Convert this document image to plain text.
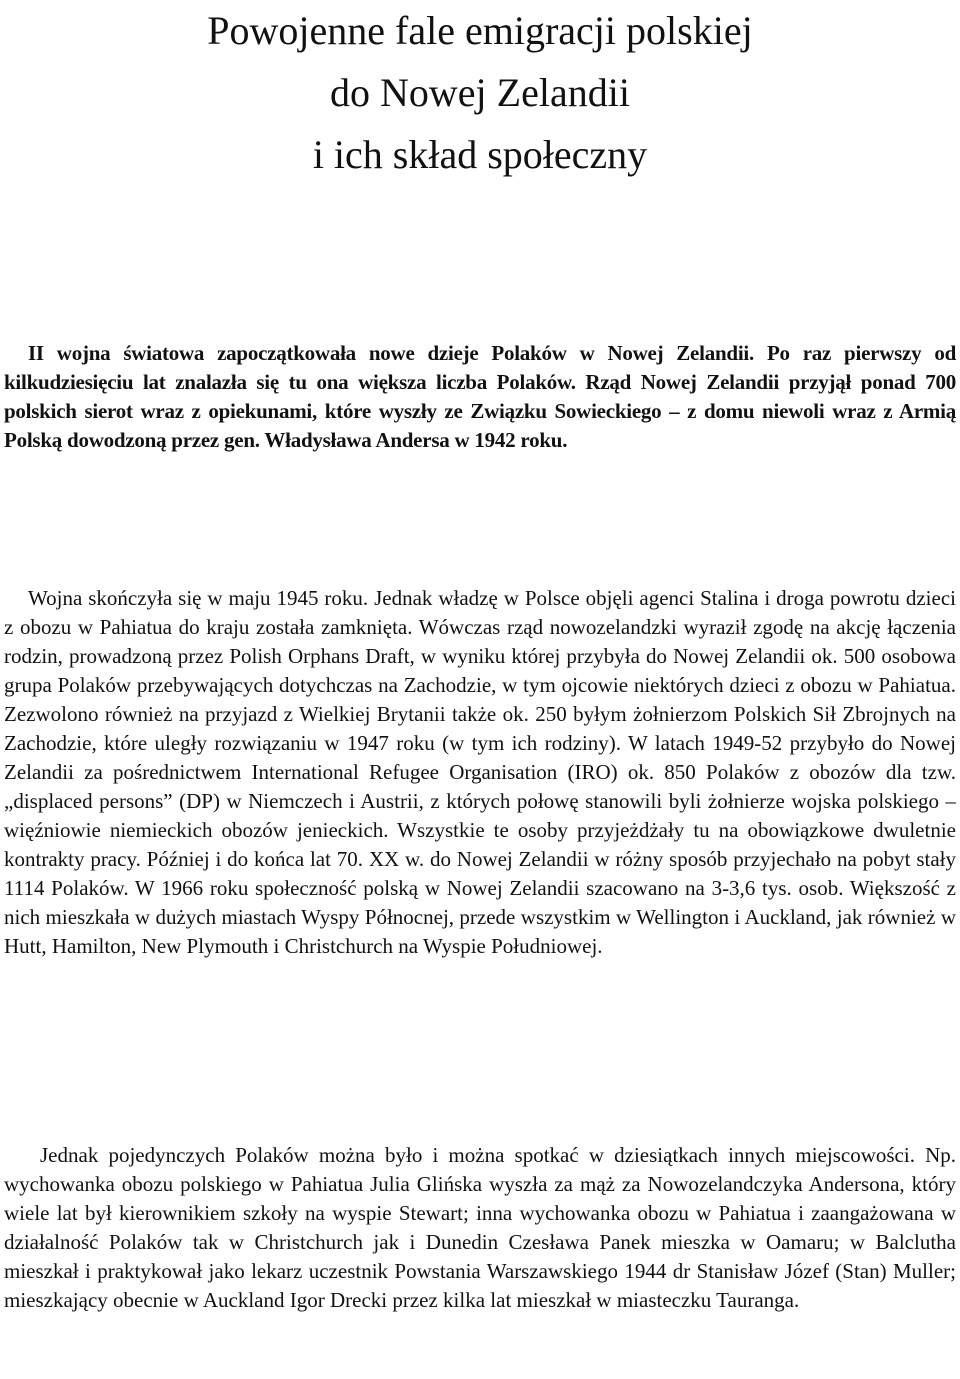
Powojenne fale emigracji polskiej
do Nowej Zelandii
i ich skład społeczny

II wojna światowa zapoczątkowała nowe dzieje Polaków w Nowej Zelandii. Po raz pierwszy od kilkudziesięciu lat znalazła się tu ona większa liczba Polaków. Rząd Nowej Zelandii przyjął ponad 700 polskich sierot wraz z opiekunami, które wyszły ze Związku Sowieckiego – z domu niewoli wraz z Armią Polską dowodzoną przez gen. Władysława Andersa w 1942 roku.

Wojna skończyła się w maju 1945 roku. Jednak władzę w Polsce objęli agenci Stalina i droga powrotu dzieci z obozu w Pahiatua do kraju została zamknięta. Wówczas rząd nowozelandzki wyraził zgodę na akcję łączenia rodzin, prowadzoną przez Polish Orphans Draft, w wyniku której przybyła do Nowej Zelandii ok. 500 osobowa grupa Polaków przebywających dotychczas na Zachodzie, w tym ojcowie niektórych dzieci z obozu w Pahiatua. Zezwolono również na przyjazd z Wielkiej Brytanii także ok. 250 byłym żołnierzom Polskich Sił Zbrojnych na Zachodzie, które uległy rozwiązaniu w 1947 roku (w tym ich rodziny). W latach 1949-52 przybyło do Nowej Zelandii za pośrednictwem International Refugee Organisation (IRO) ok. 850 Polaków z obozów dla tzw. „displaced persons” (DP) w Niemczech i Austrii, z których połowę stanowili byli żołnierze wojska polskiego – więźniowie niemieckich obozów jenieckich. Wszystkie te osoby przyjeżdżały tu na obowiązkowe dwuletnie kontrakty pracy. Później i do końca lat 70. XX w. do Nowej Zelandii w różny sposób przyjechało na pobyt stały 1114 Polaków. W 1966 roku społeczność polską w Nowej Zelandii szacowano na 3-3,6 tys. osob. Większość z nich mieszkała w dużych miastach Wyspy Północnej, przede wszystkim w Wellington i Auckland, jak również w Hutt, Hamilton, New Plymouth i Christchurch na Wyspie Południowej.

Jednak pojedynczych Polaków można było i można spotkać w dziesiątkach innych miejscowości. Np. wychowanka obozu polskiego w Pahiatua Julia Glińska wyszła za mąż za Nowozelandczyka Andersona, który wiele lat był kierownikiem szkoły na wyspie Stewart; inna wychowanka obozu w Pahiatua i zaangażowana w działalność Polaków tak w Christchurch jak i Dunedin Czesława Panek mieszka w Oamaru; w Balclutha mieszkał i praktykował jako lekarz uczestnik Powstania Warszawskiego 1944 dr Stanisław Józef (Stan) Muller; mieszkający obecnie w Auckland Igor Drecki przez kilka lat mieszkał w miasteczku Tauranga.
